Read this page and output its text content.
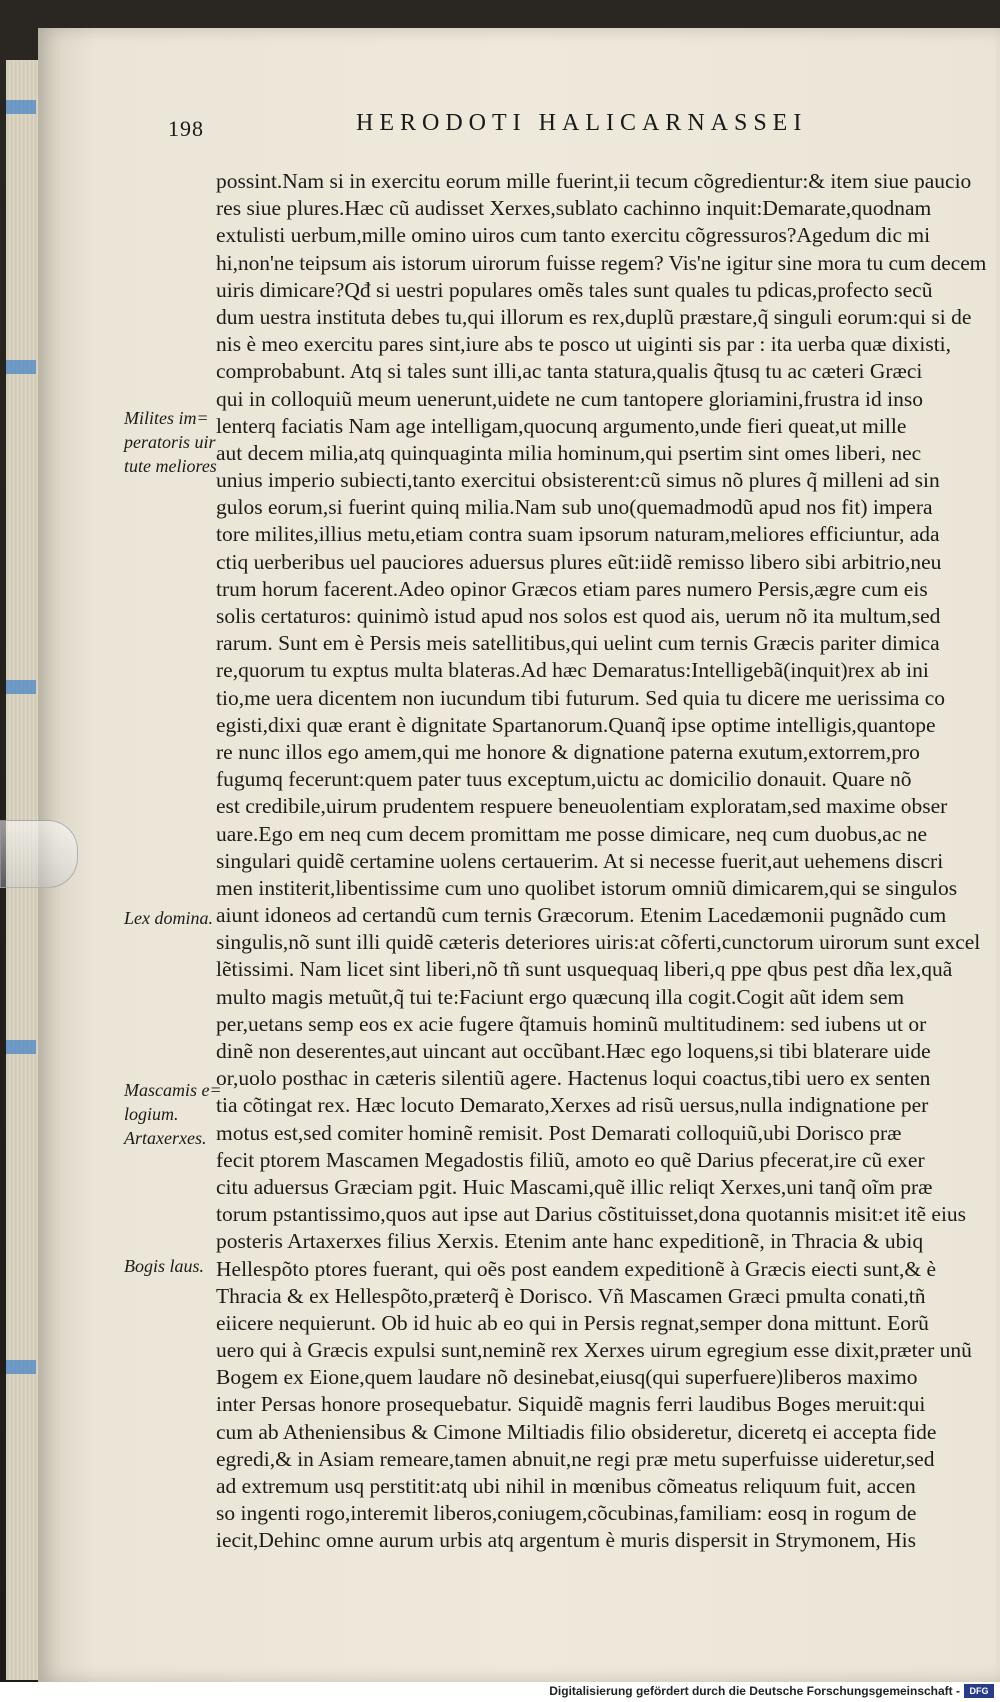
198	HERODOTI HALICARNASSEI
possint.Nam si in exercitu eorum mille fuerint,ii tecum cõgredientur:& item siue paucio
res siue plures.Hæc cũ audisset Xerxes,sublato cachinno inquit:Demarate,quodnam
extulisti uerbum,mille omino uiros cum tanto exercitu cõgressuros?Agedum dic mi
hi,non'ne teipsum ais istorum uirorum fuisse regem? Vis'ne igitur sine mora tu cum decem
uiris dimicare?Qđ si uestri populares omẽs tales sunt quales tu pdicas,profecto secũ
dum uestra instituta debes tu,qui illorum es rex,duplũ præstare,q̃ singuli eorum:qui si de
nis è meo exercitu pares sint,iure abs te posco ut uiginti sis par : ita uerba quæ dixisti,
comprobabunt. Atq si tales sunt illi,ac tanta statura,qualis q̃tusq tu ac cæteri Græci
qui in colloquiũ meum uenerunt,uidete ne cum tantopere gloriamini,frustra id inso
lenterq faciatis Nam age intelligam,quocunq argumento,unde fieri queat,ut mille
aut decem milia,atq quinquaginta milia hominum,qui psertim sint omes liberi, nec
unius imperio subiecti,tanto exercitui obsisterent:cũ simus nõ plures q̃ milleni ad sin
gulos eorum,si fuerint quinq milia.Nam sub uno(quemadmodũ apud nos fit) impera
tore milites,illius metu,etiam contra suam ipsorum naturam,meliores efficiuntur, ada
ctiq uerberibus uel pauciores aduersus plures eũt:iidẽ remisso libero sibi arbitrio,neu
trum horum facerent.Adeo opinor Græcos etiam pares numero Persis,ægre cum eis
solis certaturos: quinimò istud apud nos solos est quod ais, uerum nõ ita multum,sed
rarum. Sunt em è Persis meis satellitibus,qui uelint cum ternis Græcis pariter dimica
re,quorum tu exptus multa blateras.Ad hæc Demaratus:Intelligebã(inquit)rex ab ini
tio,me uera dicentem non iucundum tibi futurum. Sed quia tu dicere me uerissima co
egisti,dixi quæ erant è dignitate Spartanorum.Quanq̃ ipse optime intelligis,quantope
re nunc illos ego amem,qui me honore & dignatione paterna exutum,extorrem,pro
fugumq fecerunt:quem pater tuus exceptum,uictu ac domicilio donauit. Quare nõ
est credibile,uirum prudentem respuere beneuolentiam exploratam,sed maxime obser
uare.Ego em neq cum decem promittam me posse dimicare, neq cum duobus,ac ne
singulari quidẽ certamine uolens certauerim. At si necesse fuerit,aut uehemens discri
men institerit,libentissime cum uno quolibet istorum omniũ dimicarem,qui se singulos
aiunt idoneos ad certandũ cum ternis Græcorum. Etenim Lacedæmonii pugnãdo cum
singulis,nõ sunt illi quidẽ cæteris deteriores uiris:at cõferti,cunctorum uirorum sunt excel
lẽtissimi. Nam licet sint liberi,nõ tñ sunt usquequaq liberi,q ppe qbus pest dña lex,quã
multo magis metuũt,q̃ tui te:Faciunt ergo quæcunq illa cogit.Cogit aũt idem sem
per,uetans semp eos ex acie fugere q̃tamuis hominũ multitudinem: sed iubens ut or
dinẽ non deserentes,aut uincant aut occũbant.Hæc ego loquens,si tibi blaterare uide
or,uolo posthac in cæteris silentiũ agere. Hactenus loqui coactus,tibi uero ex senten
tia cõtingat rex. Hæc locuto Demarato,Xerxes ad risũ uersus,nulla indignatione per
motus est,sed comiter hominẽ remisit. Post Demarati colloquiũ,ubi Dorisco præ
fecit ptorem Mascamen Megadostis filiũ, amoto eo quẽ Darius pfecerat,ire cũ exer
citu aduersus Græciam pgit. Huic Mascami,quẽ illic reliqt Xerxes,uni tanq̃ oĩm præ
torum pstantissimo,quos aut ipse aut Darius cõstituisset,dona quotannis misit:et itẽ eius
posteris Artaxerxes filius Xerxis. Etenim ante hanc expeditionẽ, in Thracia & ubiq
Hellespõto ptores fuerant, qui oẽs post eandem expeditionẽ à Græcis eiecti sunt,& è
Thracia & ex Hellespõto,præterq̃ è Dorisco. Vñ Mascamen Græci pmulta conati,tñ
eiicere nequierunt. Ob id huic ab eo qui in Persis regnat,semper dona mittunt. Eorũ
uero qui à Græcis expulsi sunt,neminẽ rex Xerxes uirum egregium esse dixit,præter unũ
Bogem ex Eione,quem laudare nõ desinebat,eiusq(qui superfuere)liberos maximo
inter Persas honore prosequebatur. Siquidẽ magnis ferri laudibus Boges meruit:qui
cum ab Atheniensibus & Cimone Miltiadis filio obsideretur, diceretq ei accepta fide
egredi,& in Asiam remeare,tamen abnuit,ne regi præ metu superfuisse uideretur,sed
ad extremum usq perstitit:atq ubi nihil in mœnibus cõmeatus reliquum fuit, accen
so ingenti rogo,interemit liberos,coniugem,cõcubinas,familiam: eosq in rogum de
iecit,Dehinc omne aurum urbis atq argentum è muris dispersit in Strymonem, His
Milites im=
peratoris uir
tute meliores
Lex domina.
Mascamis e=
logium.
Artaxerxes.
Bogis laus.
Digitalisierung gefördert durch die Deutsche Forschungsgemeinschaft -	DFG
